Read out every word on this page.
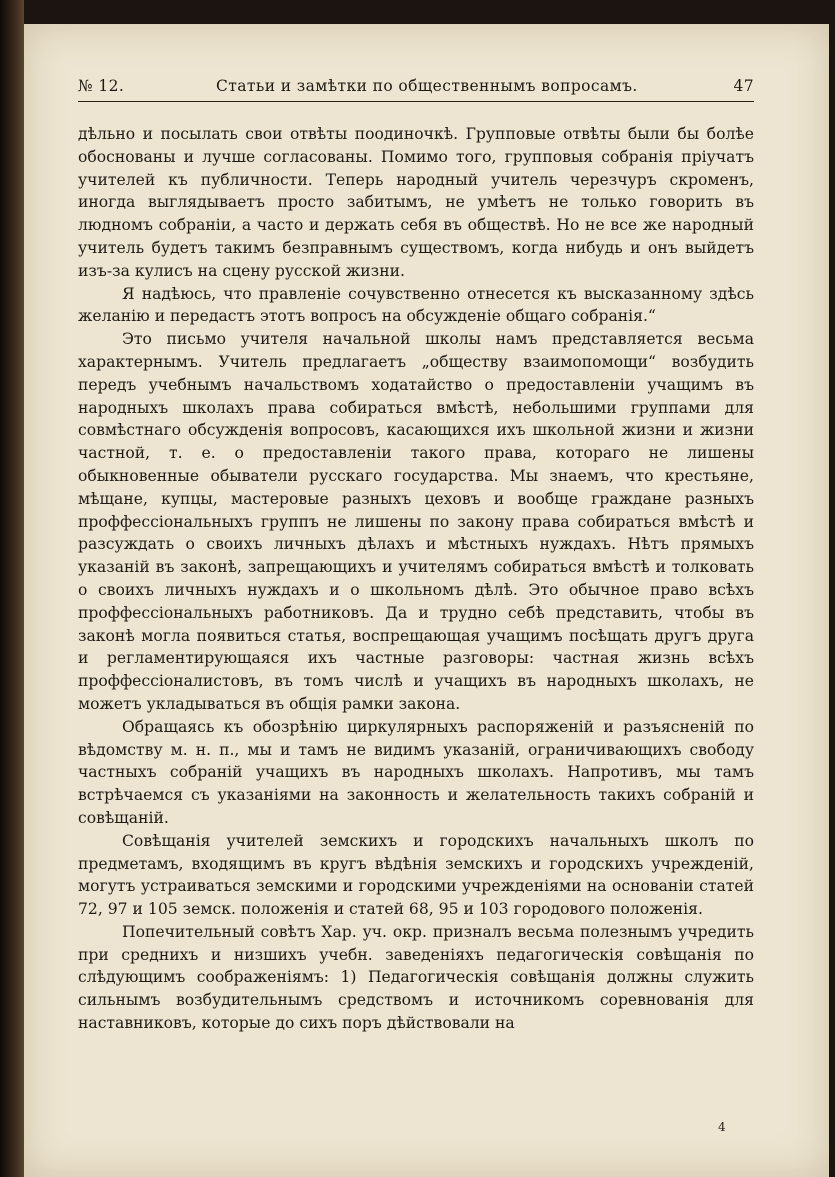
№ 12.	Статьи и замѣтки по общественнымъ вопросамъ.	47

дѣльно и посылать свои отвѣты поодиночкѣ. Групповые отвѣты были бы болѣе обоснованы и лучше согласованы. Помимо того, групповыя собранія пріучатъ учителей къ публичности. Теперь народный учитель черезчуръ скроменъ, иногда выглядываетъ просто забитымъ, не умѣетъ не только говорить въ людномъ собраніи, а часто и держать себя въ обществѣ. Но не все же народный учитель будетъ такимъ безправнымъ существомъ, когда нибудь и онъ выйдетъ изъ-за кулисъ на сцену русской жизни.

Я надѣюсь, что правленіе сочувственно отнесется къ высказанному здѣсь желанію и передастъ этотъ вопросъ на обсужденіе общаго собранія.“

Это письмо учителя начальной школы намъ представляется весьма характернымъ. Учитель предлагаетъ „обществу взаимопомощи“ возбудить передъ учебнымъ начальствомъ ходатайство о предоставленіи учащимъ въ народныхъ школахъ права собираться вмѣстѣ, небольшими группами для совмѣстнаго обсужденія вопросовъ, касающихся ихъ школьной жизни и жизни частной, т. е. о предоставленіи такого права, котораго не лишены обыкновенные обыватели русскаго государства. Мы знаемъ, что крестьяне, мѣщане, купцы, мастеровые разныхъ цеховъ и вообще граждане разныхъ проффессіональныхъ группъ не лишены по закону права собираться вмѣстѣ и разсуждать о своихъ личныхъ дѣлахъ и мѣстныхъ нуждахъ. Нѣтъ прямыхъ указаній въ законѣ, запрещающихъ и учителямъ собираться вмѣстѣ и толковать о своихъ личныхъ нуждахъ и о школьномъ дѣлѣ. Это обычное право всѣхъ проффессіональныхъ работниковъ. Да и трудно себѣ представить, чтобы въ законѣ могла появиться статья, воспрещающая учащимъ посѣщать другъ друга и регламентирующаяся ихъ частные разговоры: частная жизнь всѣхъ проффессіоналистовъ, въ томъ числѣ и учащихъ въ народныхъ школахъ, не можетъ укладываться въ общія рамки закона.

Обращаясь къ обозрѣнію циркулярныхъ распоряженій и разъясненій по вѣдомству м. н. п., мы и тамъ не видимъ указаній, ограничивающихъ свободу частныхъ собраній учащихъ въ народныхъ школахъ. Напротивъ, мы тамъ встрѣчаемся съ указаніями на законность и желательность такихъ собраній и совѣщаній.

Совѣщанія учителей земскихъ и городскихъ начальныхъ школъ по предметамъ, входящимъ въ кругъ вѣдѣнія земскихъ и городскихъ учрежденій, могутъ устраиваться земскими и городскими учрежденіями на основаніи статей 72, 97 и 105 земск. положенія и статей 68, 95 и 103 городового положенія.

Попечительный совѣтъ Хар. уч. окр. призналъ весьма полезнымъ учредить при среднихъ и низшихъ учебн. заведеніяхъ педагогическія совѣщанія по слѣдующимъ соображеніямъ: 1) Педагогическія совѣщанія должны служить сильнымъ возбудительнымъ средствомъ и источникомъ соревнованія для наставниковъ, которые до сихъ поръ дѣйствовали на

4
